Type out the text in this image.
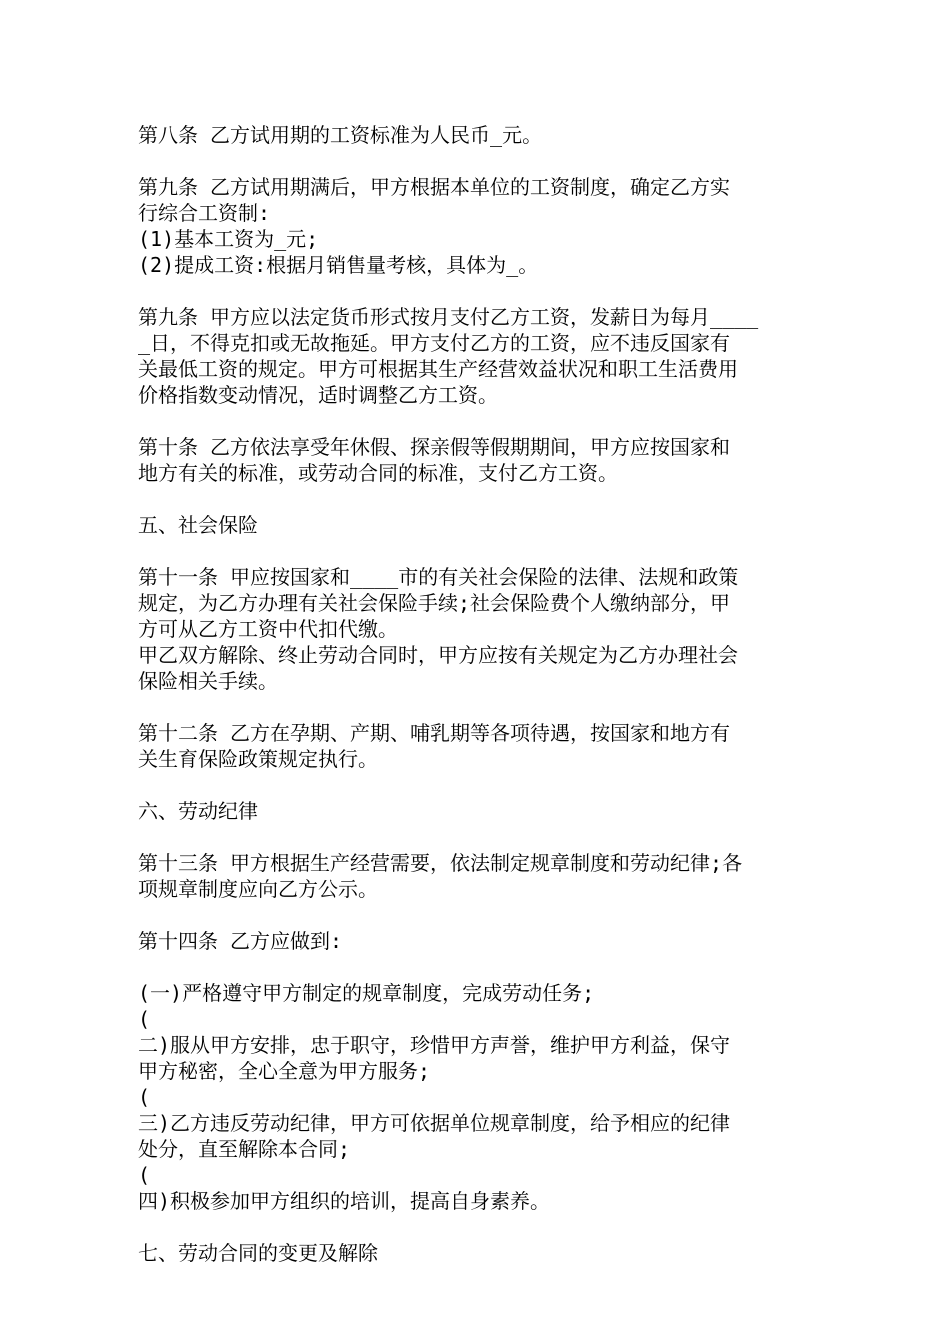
第八条 乙方试用期的工资标准为人民币_元。
第九条 乙方试用期满后，甲方根据本单位的工资制度，确定乙方实
行综合工资制:
(1)基本工资为_元;
(2)提成工资:根据月销售量考核，具体为_。
第九条 甲方应以法定货币形式按月支付乙方工资，发薪日为每月____
_日，不得克扣或无故拖延。甲方支付乙方的工资，应不违反国家有
关最低工资的规定。甲方可根据其生产经营效益状况和职工生活费用
价格指数变动情况，适时调整乙方工资。
第十条 乙方依法享受年休假、探亲假等假期期间，甲方应按国家和
地方有关的标准，或劳动合同的标准，支付乙方工资。
五、社会保险
第十一条 甲应按国家和____市的有关社会保险的法律、法规和政策
规定，为乙方办理有关社会保险手续;社会保险费个人缴纳部分，甲
方可从乙方工资中代扣代缴。
甲乙双方解除、终止劳动合同时，甲方应按有关规定为乙方办理社会
保险相关手续。
第十二条 乙方在孕期、产期、哺乳期等各项待遇，按国家和地方有
关生育保险政策规定执行。
六、劳动纪律
第十三条 甲方根据生产经营需要，依法制定规章制度和劳动纪律;各
项规章制度应向乙方公示。
第十四条 乙方应做到:
(一)严格遵守甲方制定的规章制度，完成劳动任务;
(
二)服从甲方安排，忠于职守，珍惜甲方声誉，维护甲方利益，保守
甲方秘密，全心全意为甲方服务;
(
三)乙方违反劳动纪律，甲方可依据单位规章制度，给予相应的纪律
处分，直至解除本合同;
(
四)积极参加甲方组织的培训，提高自身素养。
七、劳动合同的变更及解除
